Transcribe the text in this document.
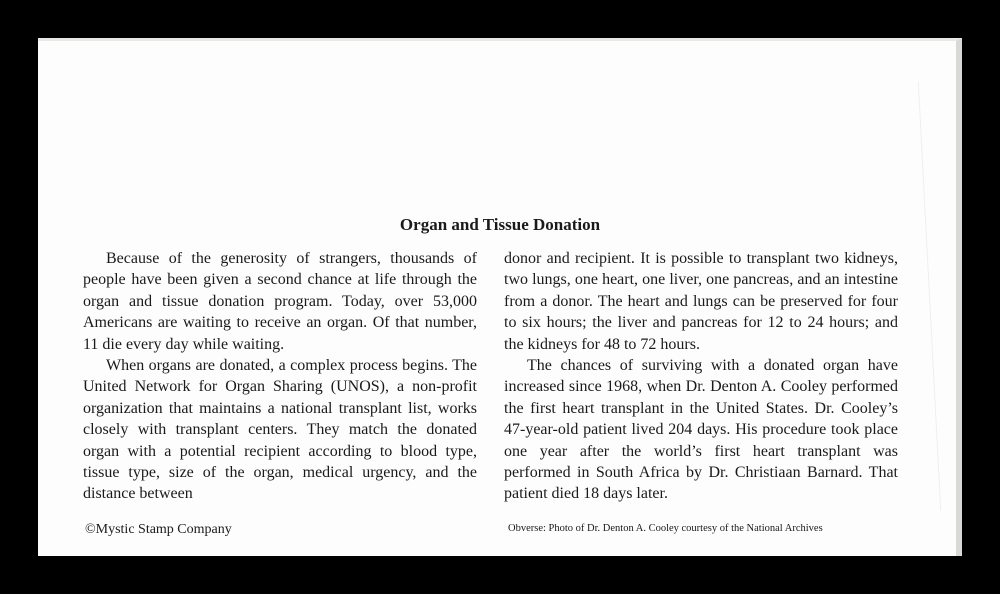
Organ and Tissue Donation

Because of the generosity of strangers, thousands of people have been given a second chance at life through the organ and tissue donation program. Today, over 53,000 Americans are waiting to receive an organ. Of that number, 11 die every day while waiting.

When organs are donated, a complex process begins. The United Network for Organ Sharing (UNOS), a non-profit organization that maintains a national transplant list, works closely with transplant centers. They match the donated organ with a potential recipient according to blood type, tissue type, size of the organ, medical urgency, and the distance between

donor and recipient. It is possible to transplant two kidneys, two lungs, one heart, one liver, one pancreas, and an intestine from a donor. The heart and lungs can be preserved for four to six hours; the liver and pancreas for 12 to 24 hours; and the kidneys for 48 to 72 hours.

The chances of surviving with a donated organ have increased since 1968, when Dr. Denton A. Cooley performed the first heart transplant in the United States. Dr. Cooley’s 47-year-old patient lived 204 days. His procedure took place one year after the world’s first heart transplant was performed in South Africa by Dr. Christiaan Barnard. That patient died 18 days later.

©Mystic Stamp Company	Obverse: Photo of Dr. Denton A. Cooley courtesy of the National Archives
